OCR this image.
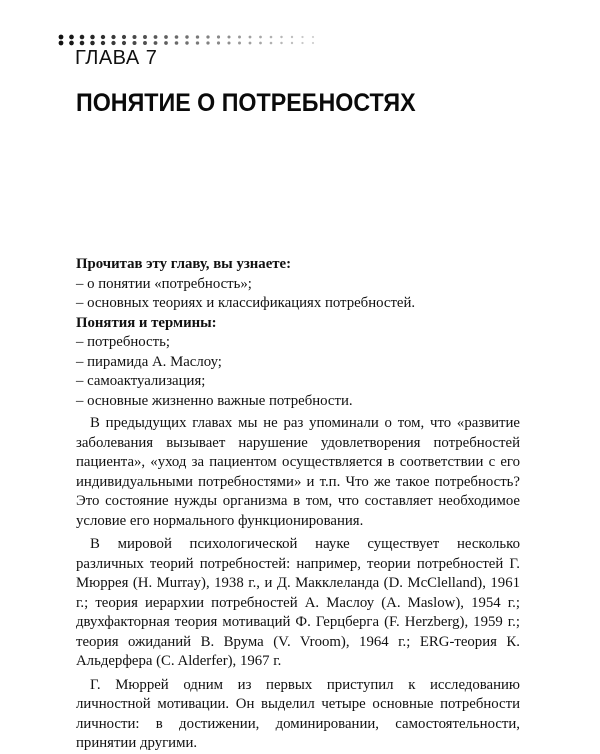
ГЛАВА 7
ПОНЯТИЕ О ПОТРЕБНОСТЯХ

Прочитав эту главу, вы узнаете:

– о понятии «потребность»;

– основных теориях и классификациях потребностей.

Понятия и термины:

– потребность;

– пирамида А. Маслоу;

– самоактуализация;

– основные жизненно важные потребности.

В предыдущих главах мы не раз упоминали о том, что «развитие заболевания вызывает нарушение удовлетворения потребностей пациента», «уход за пациентом осуществляется в соответствии с его индивидуальными потребностями» и т.п. Что же такое потребность? Это состояние нужды организма в том, что составляет необходимое условие его нормального функционирования.

В мировой психологической науке существует несколько различных теорий потребностей: например, теории потребностей Г. Мюррея (H. Murray), 1938 г., и Д. Макклеланда (D. McClelland), 1961 г.; теория иерархии потребностей А. Маслоу (A. Maslow), 1954 г.; двухфакторная теория мотиваций Ф. Герцберга (F. Herzberg), 1959 г.; теория ожиданий В. Врума (V. Vroom), 1964 г.; ERG-теория К. Альдерфера (C. Alderfer), 1967 г.

Г. Мюррей одним из первых приступил к исследованию личностной мотивации. Он выделил четыре основные потребности личности: в достижении, доминировании, самостоятельности, принятии другими.
